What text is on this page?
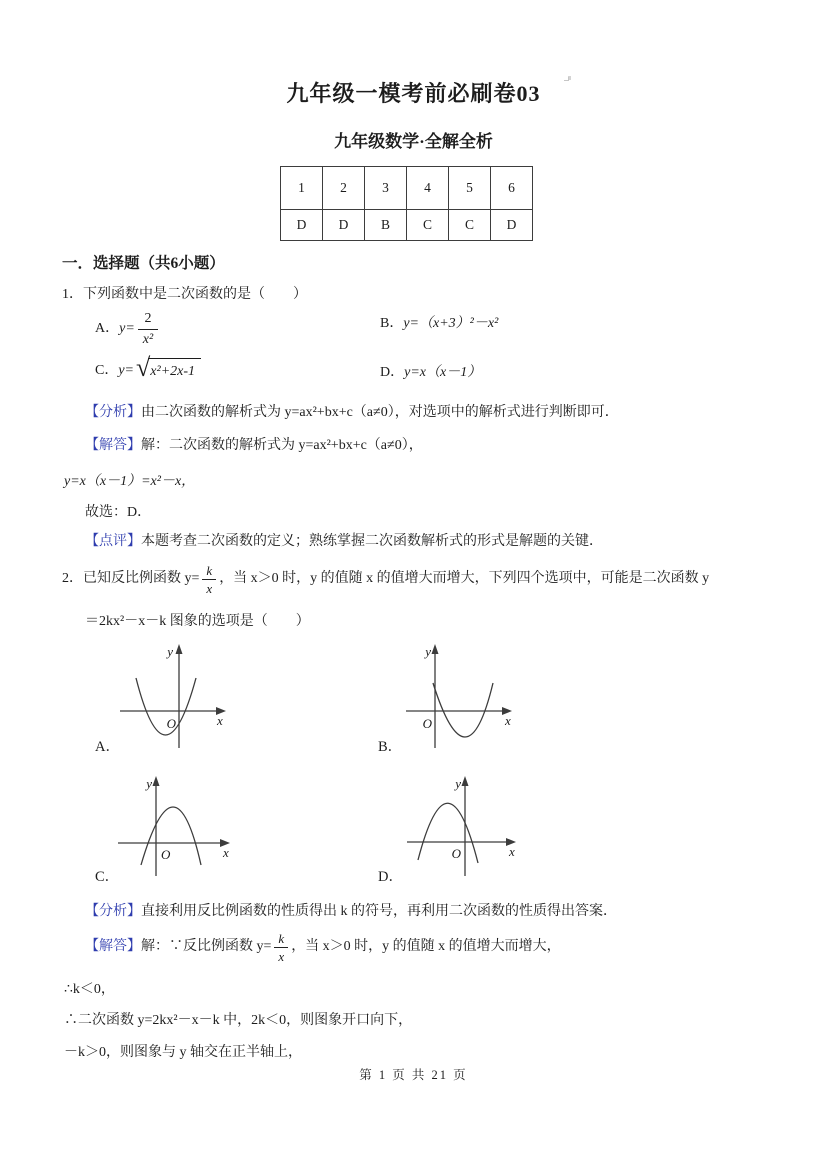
九年级一模考前必刷卷03
九年级数学·全解全析
1	2	3	4	5	6
D	D	B	C	C	D
一．选择题（共6小题）
1．下列函数中是二次函数的是（　　）
A． $y= \frac{2}{\text{x²}}$	B．y=（x+3）²－x²
C． y= √ x²+2x-1	D．y=x（x－1）
【分析】由二次函数的解析式为 y=ax²+bx+c（a≠0），对选项中的解析式进行判断即可．
【解答】解：二次函数的解析式为 y=ax²+bx+c（a≠0），
y=x（x－1）=x²－x，
故选：D．
【点评】本题考查二次函数的定义；熟练掌握二次函数解析式的形式是解题的关键．
2．已知反比例函数 $y= \frac{k}{x}$ ，当 x＞0 时，y 的值随 x 的值增大而增大，下列四个选项中，可能是二次函数 y
＝2kx²－x－k 图象的选项是（　　）
y
x
O
y
x
O
A．	B．
y
x
O
y
x
O
C．	D．
【分析】直接利用反比例函数的性质得出 k 的符号，再利用二次函数的性质得出答案．
【解答】 解：∵反比例函数 $y= \frac{k}{x}$ ，当 x＞0 时，y 的值随 x 的值增大而增大，
∴k＜0，
∴二次函数 y=2kx²－x－k 中，2k＜0，则图象开口向下，
－k＞0，则图象与 y 轴交在正半轴上，
第 1 页 共 21 页
